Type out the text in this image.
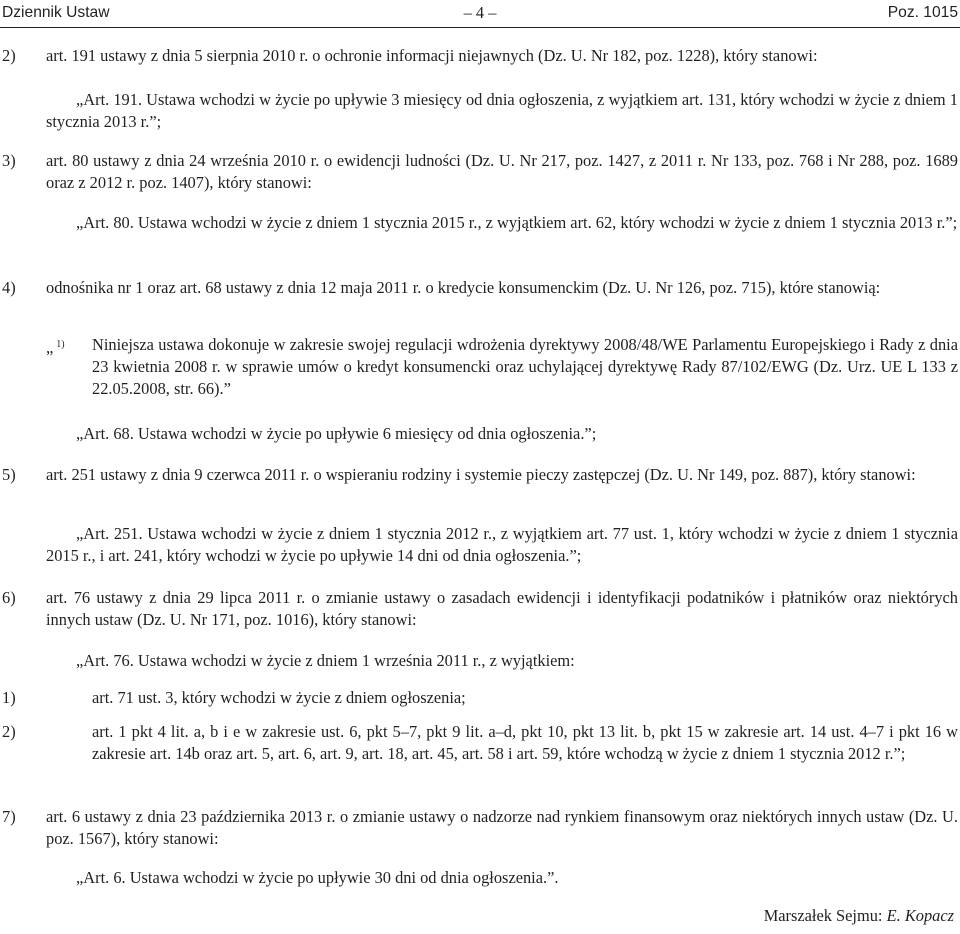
Dziennik Ustaw	– 4 –	Poz. 1015
2) art. 191 ustawy z dnia 5 sierpnia 2010 r. o ochronie informacji niejawnych (Dz. U. Nr 182, poz. 1228), który stanowi:
„Art. 191. Ustawa wchodzi w życie po upływie 3 miesięcy od dnia ogłoszenia, z wyjątkiem art. 131, który wchodzi w życie z dniem 1 stycznia 2013 r.”;
3) art. 80 ustawy z dnia 24 września 2010 r. o ewidencji ludności (Dz. U. Nr 217, poz. 1427, z 2011 r. Nr 133, poz. 768 i Nr 288, poz. 1689 oraz z 2012 r. poz. 1407), który stanowi:
„Art. 80. Ustawa wchodzi w życie z dniem 1 stycznia 2015 r., z wyjątkiem art. 62, który wchodzi w życie z dniem 1 stycznia 2013 r.”;
4) odnośnika nr 1 oraz art. 68 ustawy z dnia 12 maja 2011 r. o kredycie konsumenckim (Dz. U. Nr 126, poz. 715), które stanowią:
„ $^{1)}$ Niniejsza ustawa dokonuje w zakresie swojej regulacji wdrożenia dyrektywy 2008/48/WE Parlamentu Europejskiego i Rady z dnia 23 kwietnia 2008 r. w sprawie umów o kredyt konsumencki oraz uchylającej dyrektywę Rady 87/102/EWG (Dz. Urz. UE L 133 z 22.05.2008, str. 66).”
„Art. 68. Ustawa wchodzi w życie po upływie 6 miesięcy od dnia ogłoszenia.”;
5) art. 251 ustawy z dnia 9 czerwca 2011 r. o wspieraniu rodziny i systemie pieczy zastępczej (Dz. U. Nr 149, poz. 887), który stanowi:
„Art. 251. Ustawa wchodzi w życie z dniem 1 stycznia 2012 r., z wyjątkiem art. 77 ust. 1, który wchodzi w życie z dniem 1 stycznia 2015 r., i art. 241, który wchodzi w życie po upływie 14 dni od dnia ogłoszenia.”;
6) art. 76 ustawy z dnia 29 lipca 2011 r. o zmianie ustawy o zasadach ewidencji i identyfikacji podatników i płatników oraz niektórych innych ustaw (Dz. U. Nr 171, poz. 1016), który stanowi:
„Art. 76. Ustawa wchodzi w życie z dniem 1 września 2011 r., z wyjątkiem:
1)	art. 71 ust. 3, który wchodzi w życie z dniem ogłoszenia;
2)	art. 1 pkt 4 lit. a, b i e w zakresie ust. 6, pkt 5–7, pkt 9 lit. a–d, pkt 10, pkt 13 lit. b, pkt 15 w zakresie art. 14 ust. 4–7 i pkt 16 w zakresie art. 14b oraz art. 5, art. 6, art. 9, art. 18, art. 45, art. 58 i art. 59, które wchodzą w życie z dniem 1 stycznia 2012 r.”;
7) art. 6 ustawy z dnia 23 października 2013 r. o zmianie ustawy o nadzorze nad rynkiem finansowym oraz niektórych innych ustaw (Dz. U. poz. 1567), który stanowi:
„Art. 6. Ustawa wchodzi w życie po upływie 30 dni od dnia ogłoszenia.”.
Marszałek Sejmu: E. Kopacz
